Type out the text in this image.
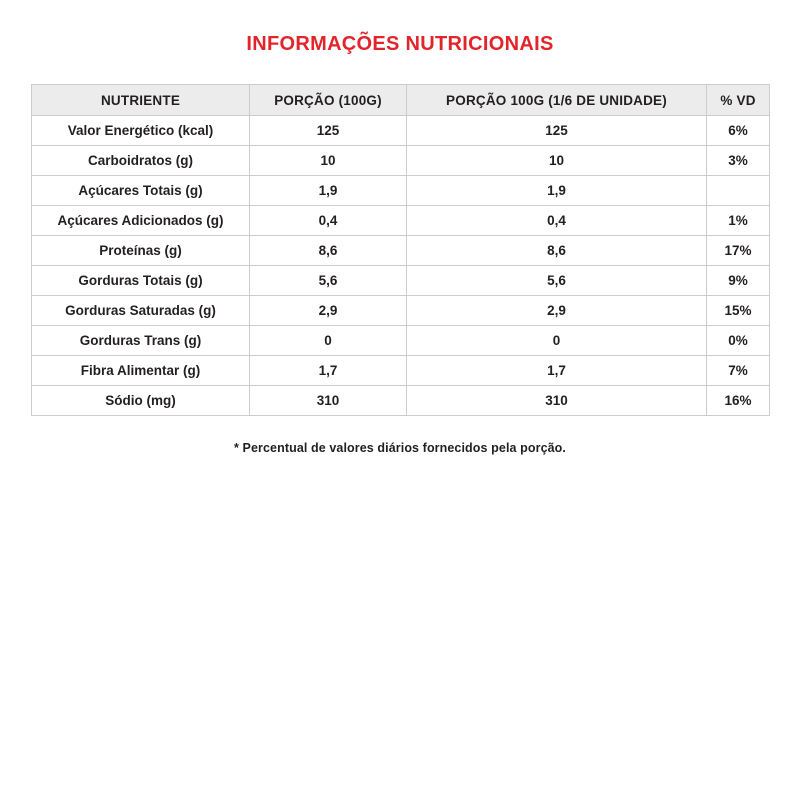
INFORMAÇÕES NUTRICIONAIS
NUTRIENTE	PORÇÃO (100G)	PORÇÃO 100G (1/6 DE UNIDADE)	% VD
Valor Energético (kcal)	125	125	6%
Carboidratos (g)	10	10	3%
Açúcares Totais (g)	1,9	1,9	
Açúcares Adicionados (g)	0,4	0,4	1%
Proteínas (g)	8,6	8,6	17%
Gorduras Totais (g)	5,6	5,6	9%
Gorduras Saturadas (g)	2,9	2,9	15%
Gorduras Trans (g)	0	0	0%
Fibra Alimentar (g)	1,7	1,7	7%
Sódio (mg)	310	310	16%

* Percentual de valores diários fornecidos pela porção.
